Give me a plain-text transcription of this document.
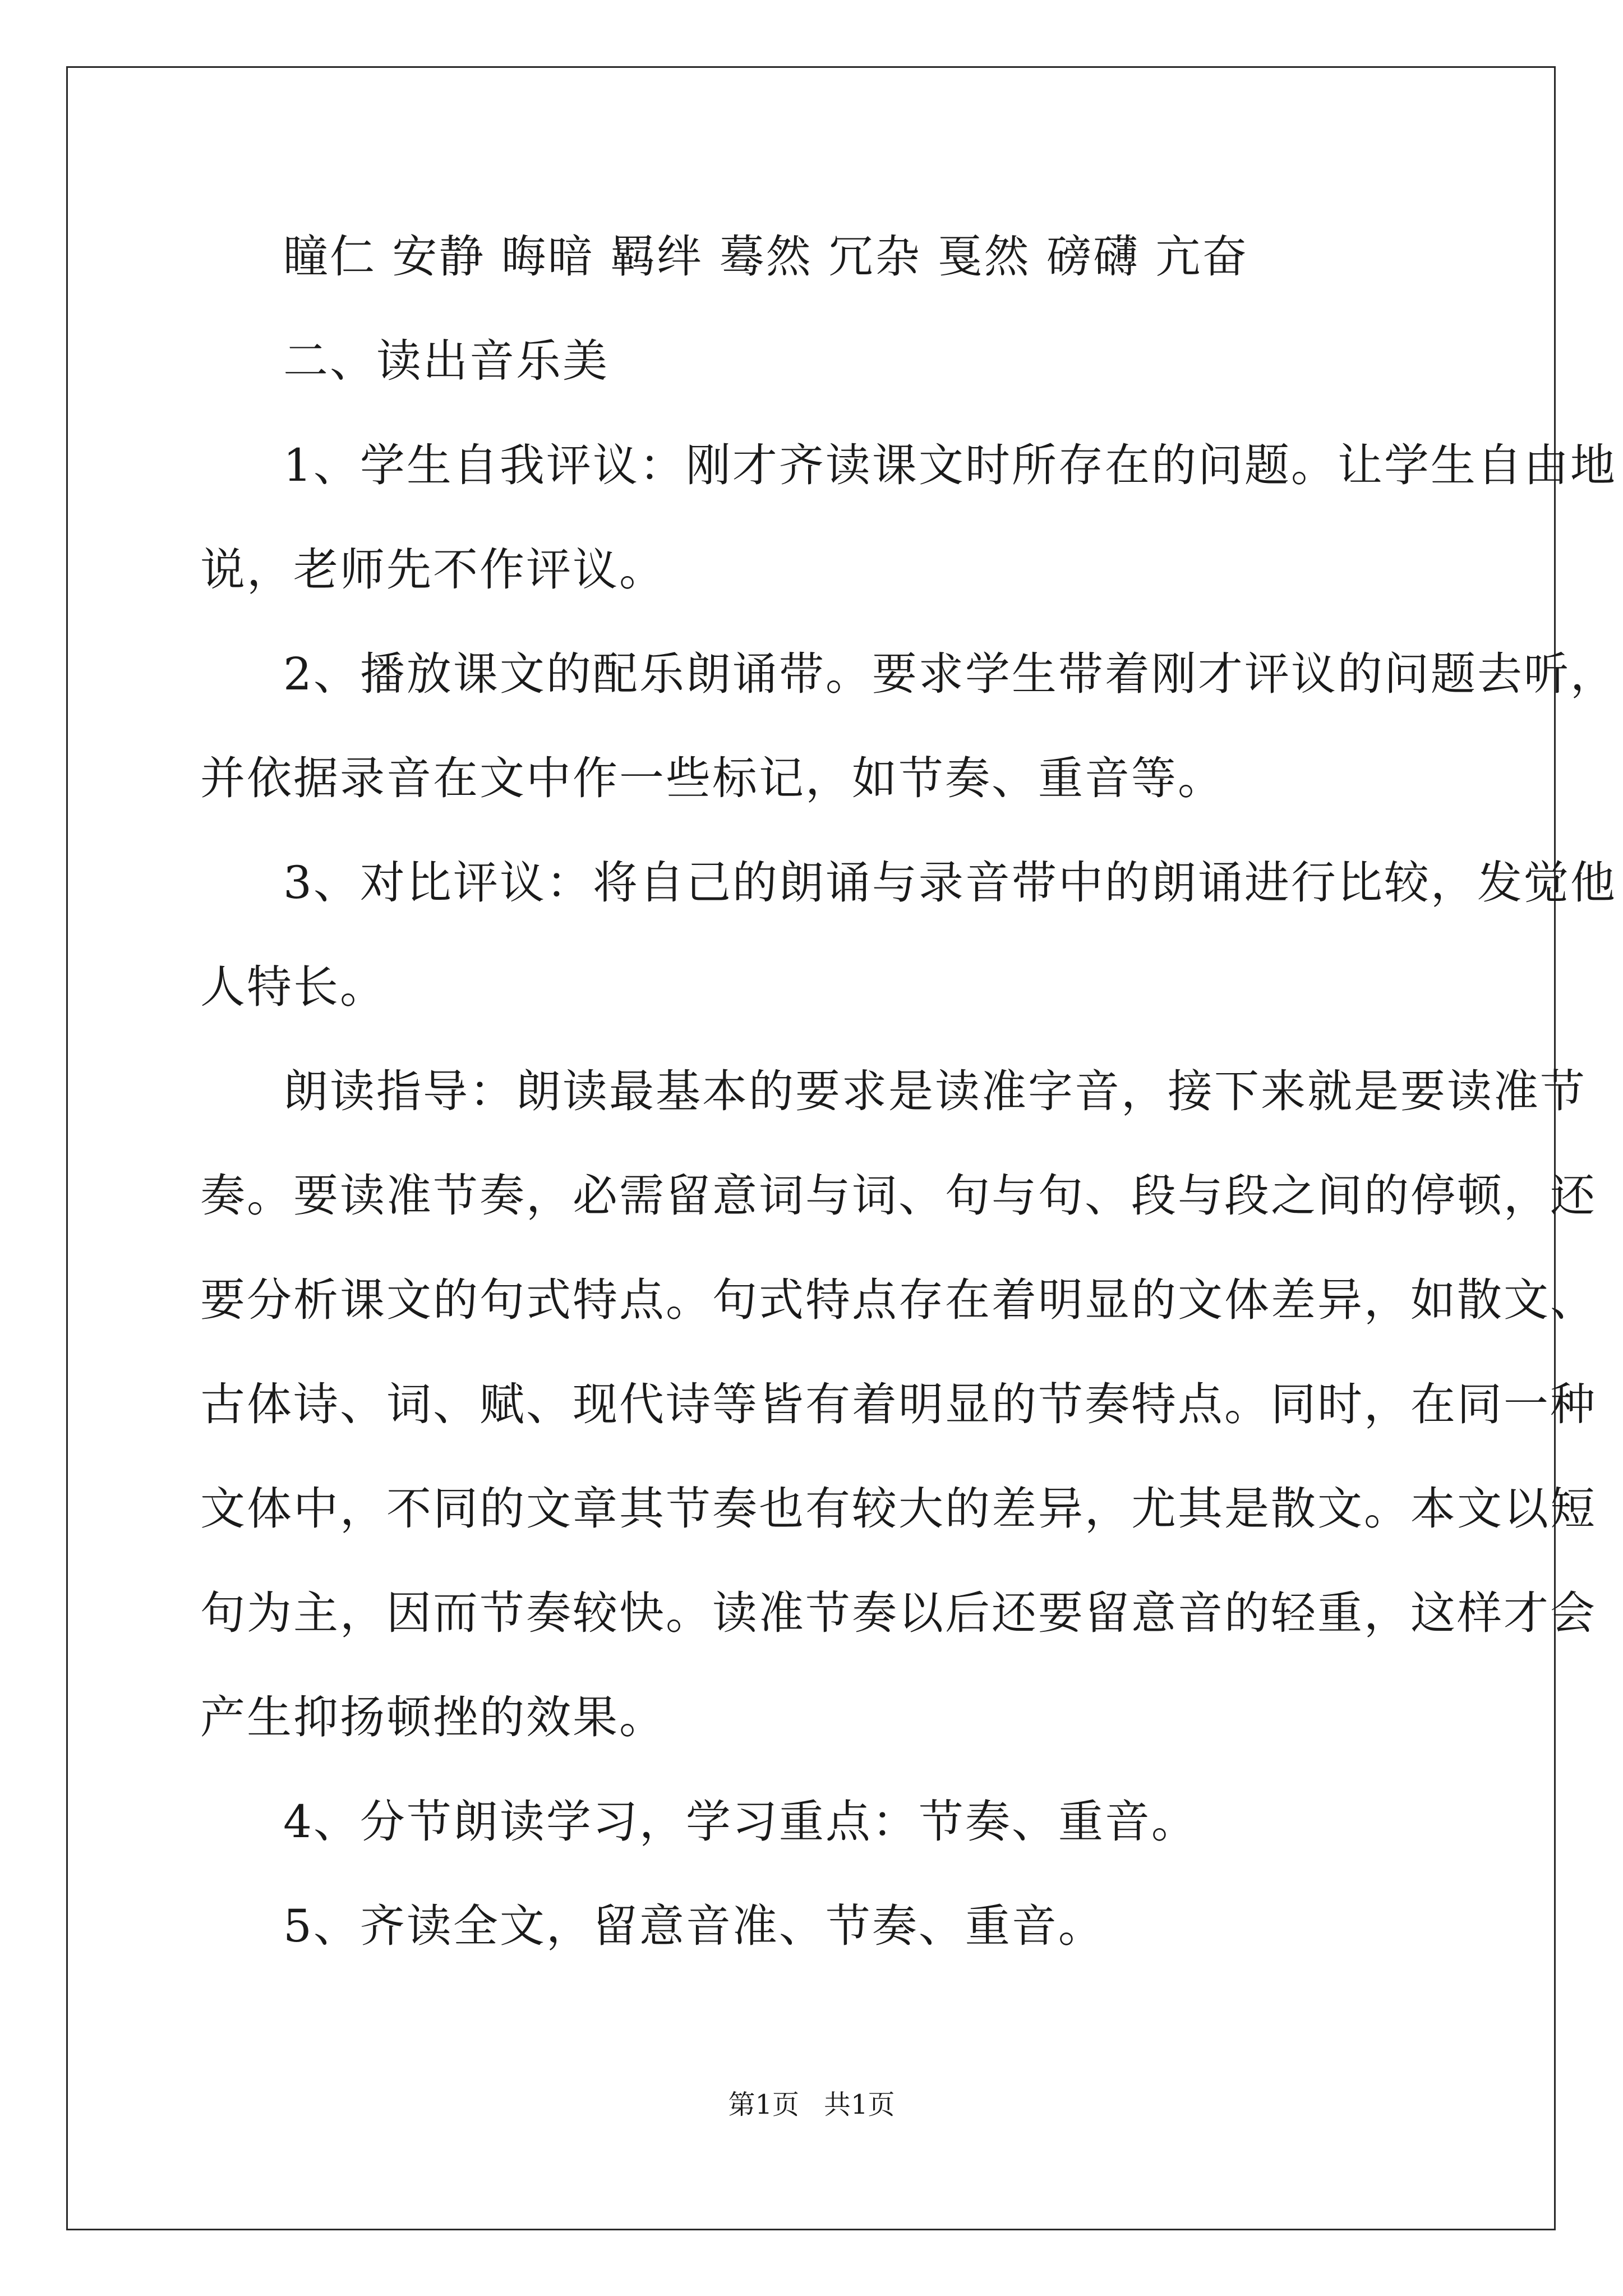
瞳仁 安静 晦暗 羁绊 蓦然 冗杂 戛然 磅礴 亢奋
二、读出音乐美
1、学生自我评议：刚才齐读课文时所存在的问题。让学生自由地
说，老师先不作评议。
2、播放课文的配乐朗诵带。要求学生带着刚才评议的问题去听，
并依据录音在文中作一些标记，如节奏、重音等。
3、对比评议：将自己的朗诵与录音带中的朗诵进行比较，发觉他
人特长。
朗读指导：朗读最基本的要求是读准字音，接下来就是要读准节
奏。要读准节奏，必需留意词与词、句与句、段与段之间的停顿，还
要分析课文的句式特点。句式特点存在着明显的文体差异，如散文、
古体诗、词、赋、现代诗等皆有着明显的节奏特点。同时，在同一种
文体中，不同的文章其节奏也有较大的差异，尤其是散文。本文以短
句为主，因而节奏较快。读准节奏以后还要留意音的轻重，这样才会
产生抑扬顿挫的效果。
4、分节朗读学习，学习重点：节奏、重音。
5、齐读全文，留意音准、节奏、重音。

第1页 共1页
